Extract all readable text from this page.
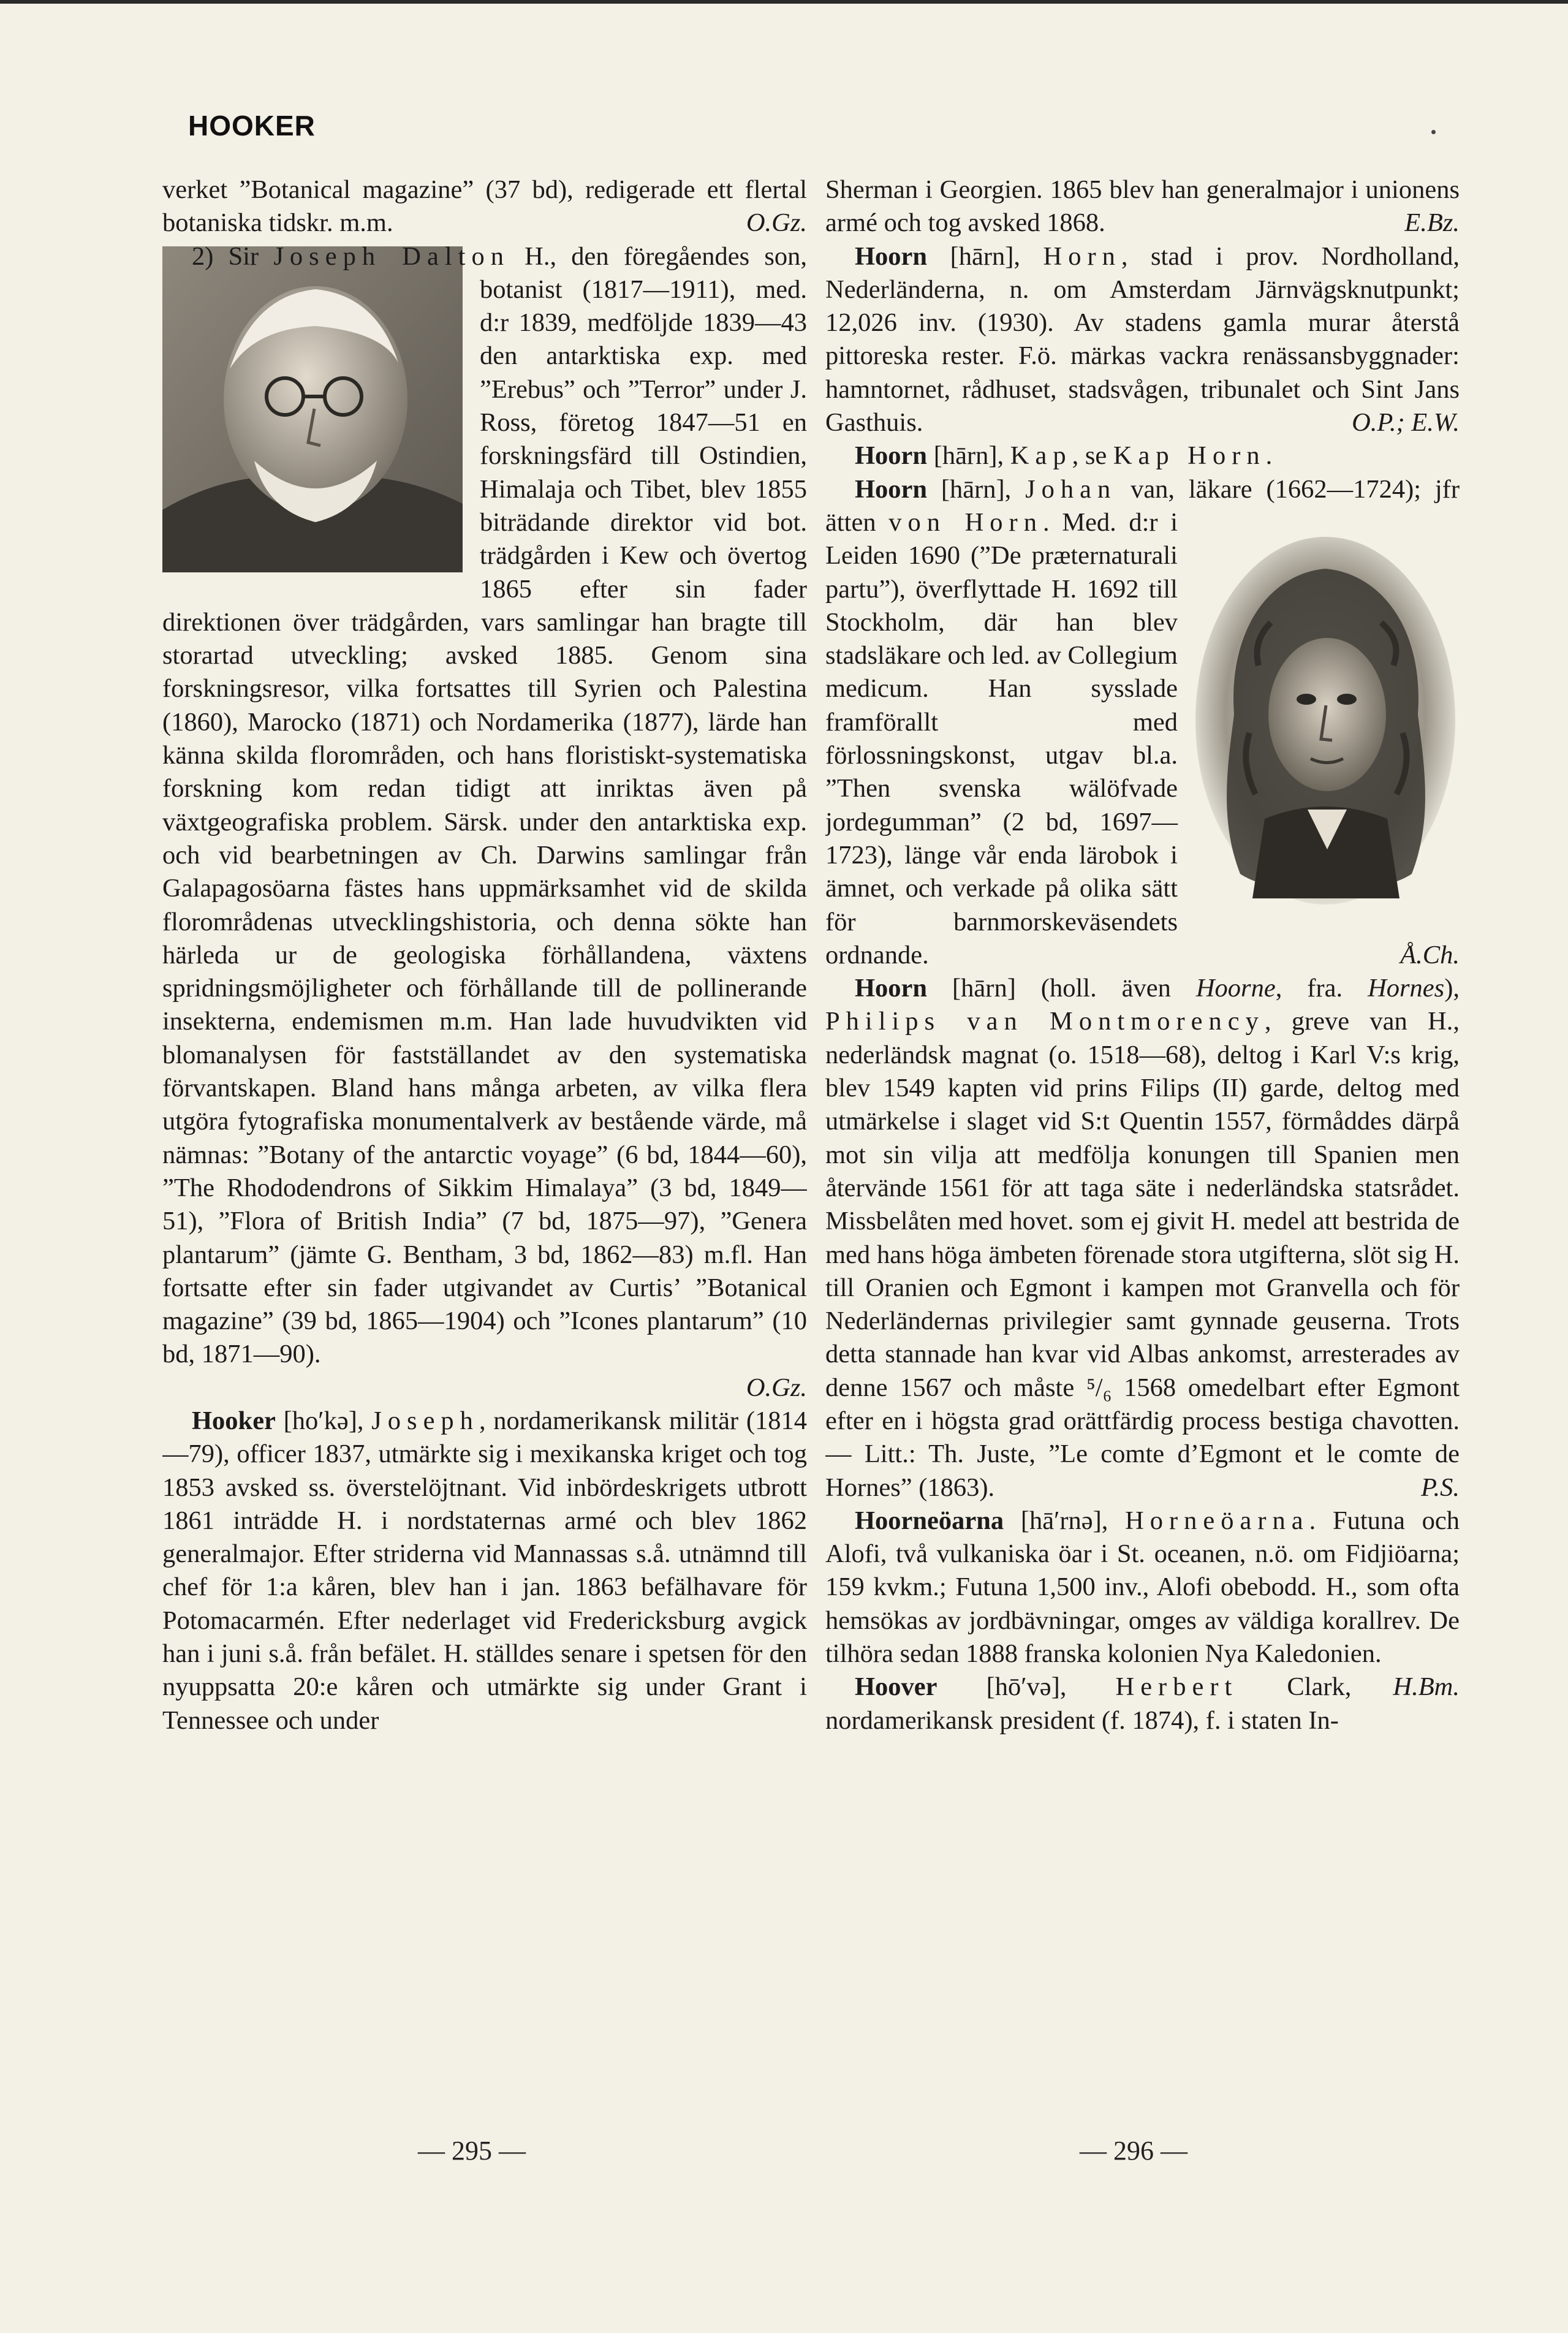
HOOKER

verket ”Botanical magazine” (37 bd), redigerade ett flertal botaniska tidskr. m.m.	O.Gz.

2) Sir Joseph Dalton
H., den föregåendes son, botanist (1817—1911), med. d:r 1839, medföljde 1839—43 den antarktiska exp. med ”Erebus” och ”Terror” under J. Ross, företog 1847—51 en forskningsfärd till Ostindien, Himalaja och Tibet, blev 1855 biträdande direktor vid bot. trädgården i Kew och övertog 1865 efter sin fader direktionen över trädgården, vars samlingar han bragte till storartad utveckling; avsked 1885. Genom sina forskningsresor, vilka fortsattes till Syrien och Palestina (1860), Marocko (1871) och Nordamerika (1877), lärde han känna skilda florområden, och hans floristiskt-systematiska forskning kom redan tidigt att inriktas även på växtgeografiska problem. Särsk. under den antarktiska exp. och vid bearbetningen av Ch. Darwins samlingar från Galapagosöarna fästes hans uppmärksamhet vid de skilda florområdenas utvecklingshistoria, och denna sökte han härleda ur de geologiska förhållandena, växtens spridningsmöjligheter och förhållande till de pollinerande insekterna, endemismen m.m. Han lade huvudvikten vid blomanalysen för fastställandet av den systematiska förvantskapen. Bland hans många arbeten, av vilka flera utgöra fytografiska monumentalverk av bestående värde, må nämnas: ”Botany of the antarctic voyage” (6 bd, 1844—60), ”The Rhododendrons of Sikkim Himalaya” (3 bd, 1849—51), ”Flora of British India” (7 bd, 1875—97), ”Genera plantarum” (jämte G. Bentham, 3 bd, 1862—83) m.fl. Han fortsatte efter sin fader utgivandet av Curtis’ ”Botanical magazine” (39 bd, 1865—1904) och ”Icones plantarum” (10 bd, 1871—90).

O.Gz.

Hooker [ho′kə], Joseph, nordamerikansk militär (1814—79), officer 1837, utmärkte sig i mexikanska kriget och tog 1853 avsked ss. överstelöjtnant. Vid inbördeskrigets utbrott 1861 inträdde H. i nordstaternas armé och blev 1862 generalmajor. Efter striderna vid Mannassas s.å. utnämnd till chef för 1:a kåren, blev han i jan. 1863 befälhavare för Potomacarmén. Efter nederlaget vid Fredericksburg avgick han i juni s.å. från befälet. H. ställdes senare i spetsen för den nyuppsatta 20:e kåren och utmärkte sig under Grant i Tennessee och under

Sherman i Georgien. 1865 blev han generalmajor i unionens armé och tog avsked 1868.	E.Bz.

Hoorn [hārn], Horn, stad i prov. Nordholland, Nederländerna, n. om Amsterdam Järnvägsknutpunkt; 12,026 inv. (1930). Av stadens gamla murar återstå pittoreska rester. F.ö. märkas vackra renässansbyggnader: hamntornet, rådhuset, stadsvågen, tribunalet och Sint Jans Gasthuis.	O.P.; E.W.

Hoorn [hārn], Kap, se Kap Horn.

Hoorn [hārn], Johan van, läkare (1662—1724); jfr ätten von Horn
. Med. d:r i Leiden 1690 (”De præternaturali partu”), överflyttade H. 1692 till Stockholm, där han blev stadsläkare och led. av Collegium medicum. Han sysslade framförallt med förlossningskonst, utgav bl.a. ”Then svenska wälöfvade jordegumman” (2 bd, 1697—1723), länge vår enda lärobok i ämnet, och verkade på olika sätt för barnmorskeväsendets ordnande.	Å.Ch.

Hoorn [hārn] (holl. även Hoorne, fra. Hornes), Philips van Montmorency, greve van H., nederländsk magnat (o. 1518—68), deltog i Karl V:s krig, blev 1549 kapten vid prins Filips (II) garde, deltog med utmärkelse i slaget vid S:t Quentin 1557, förmåddes därpå mot sin vilja att medfölja konungen till Spanien men återvände 1561 för att taga säte i nederländska statsrådet. Missbelåten med hovet. som ej givit H. medel att bestrida de med hans höga ämbeten förenade stora utgifterna, slöt sig H. till Oranien och Egmont i kampen mot Granvella och för Nederländernas privilegier samt gynnade geuserna. Trots detta stannade han kvar vid Albas ankomst, arresterades av denne 1567 och måste ⁵/₆ 1568 omedelbart efter Egmont efter en i högsta grad orättfärdig process bestiga chavotten. — Litt.: Th. Juste, ”Le comte d’Egmont et le comte de Hornes” (1863).	P.S.

Hoorneöarna [hā′rnə], Horneöarna. Futuna och Alofi, två vulkaniska öar i St. oceanen, n.ö. om Fidjiöarna; 159 kvkm.; Futuna 1,500 inv., Alofi obebodd. H., som ofta hemsökas av jordbävningar, omges av väldiga korallrev. De tilhöra sedan 1888 franska kolonien Nya Kaledonien.
H.Bm.

Hoover [hō′və], Herbert Clark, nordamerikansk president (f. 1874), f. i staten In-

— 295 —	— 296 —
